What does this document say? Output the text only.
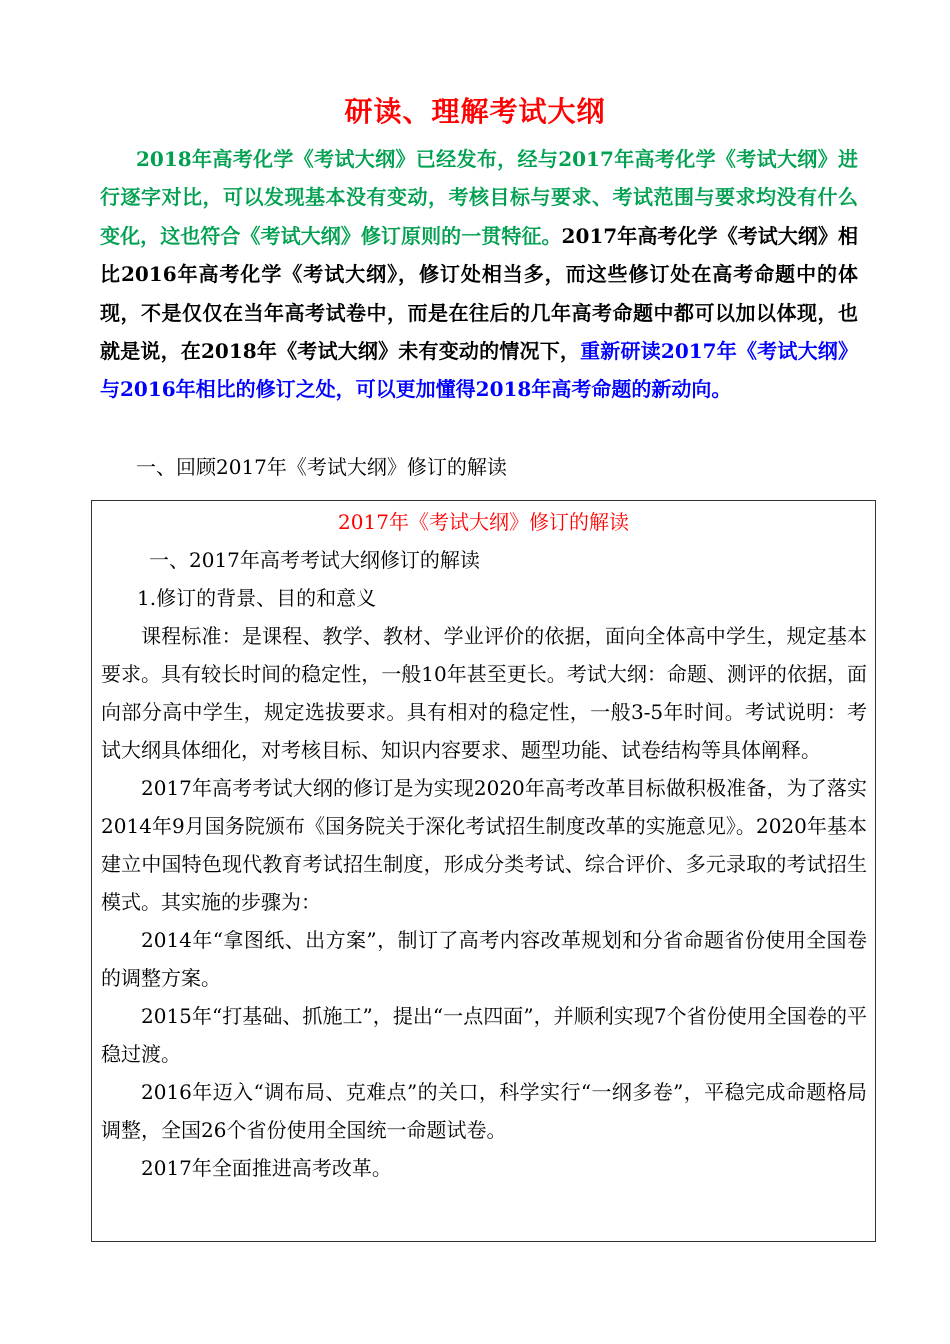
研读、理解考试大纲

2018年高考化学《考试大纲》已经发布，经与2017年高考化学《考试大纲》进行逐字对比，可以发现基本没有变动，考核目标与要求、考试范围与要求均没有什么变化，这也符合《考试大纲》修订原则的一贯特征。2017年高考化学《考试大纲》相比2016年高考化学《考试大纲》，修订处相当多，而这些修订处在高考命题中的体现，不是仅仅在当年高考试卷中，而是在往后的几年高考命题中都可以加以体现，也就是说，在2018年《考试大纲》未有变动的情况下，重新研读2017年《考试大纲》与2016年相比的修订之处，可以更加懂得2018年高考命题的新动向。

一、回顾2017年《考试大纲》修订的解读

2017年《考试大纲》修订的解读

一、2017年高考考试大纲修订的解读

1.修订的背景、目的和意义

课程标准：是课程、教学、教材、学业评价的依据，面向全体高中学生，规定基本要求。具有较长时间的稳定性，一般10年甚至更长。考试大纲：命题、测评的依据，面向部分高中学生，规定选拔要求。具有相对的稳定性，一般3-5年时间。考试说明：考试大纲具体细化，对考核目标、知识内容要求、题型功能、试卷结构等具体阐释。

2017年高考考试大纲的修订是为实现2020年高考改革目标做积极准备，为了落实2014年9月国务院颁布《国务院关于深化考试招生制度改革的实施意见》。2020年基本建立中国特色现代教育考试招生制度，形成分类考试、综合评价、多元录取的考试招生模式。其实施的步骤为：

2014年“拿图纸、出方案”，制订了高考内容改革规划和分省命题省份使用全国卷的调整方案。

2015年“打基础、抓施工”，提出“一点四面”，并顺利实现7个省份使用全国卷的平稳过渡。

2016年迈入“调布局、克难点”的关口，科学实行“一纲多卷”，平稳完成命题格局调整，全国26个省份使用全国统一命题试卷。

2017年全面推进高考改革。
